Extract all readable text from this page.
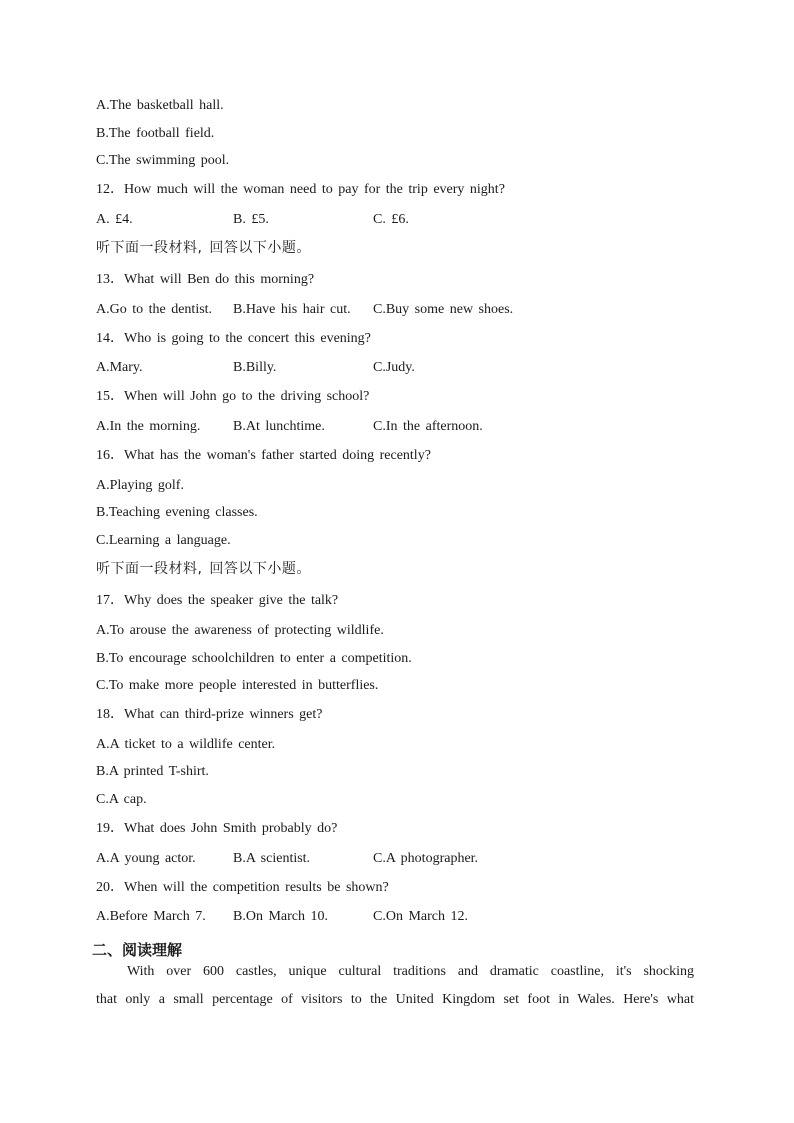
A.The basketball hall.
B.The football field.
C.The swimming pool.
12．How much will the woman need to pay for the trip every night?
A. £4.	B. £5.	C. £6.
听下面一段材料, 回答以下小题。
13．What will Ben do this morning?
A.Go to the dentist. B.Have his hair cut. C.Buy some new shoes.
14．Who is going to the concert this evening?
A.Mary.	B.Billy.	C.Judy.
15．When will John go to the driving school?
A.In the morning. B.At lunchtime.	C.In the afternoon.
16．What has the woman's father started doing recently?
A.Playing golf.
B.Teaching evening classes.
C.Learning a language.
听下面一段材料, 回答以下小题。
17．Why does the speaker give the talk?
A.To arouse the awareness of protecting wildlife.
B.To encourage schoolchildren to enter a competition.
C.To make more people interested in butterflies.
18．What can third-prize winners get?
A.A ticket to a wildlife center.
B.A printed T-shirt.
C.A cap.
19．What does John Smith probably do?
A.A young actor.	B.A scientist.	C.A photographer.
20．When will the competition results be shown?
A.Before March 7. B.On March 10.	C.On March 12.
二、阅读理解
With over 600 castles, unique cultural traditions and dramatic coastline, it's shocking
that only a small percentage of visitors to the United Kingdom set foot in Wales. Here's what
